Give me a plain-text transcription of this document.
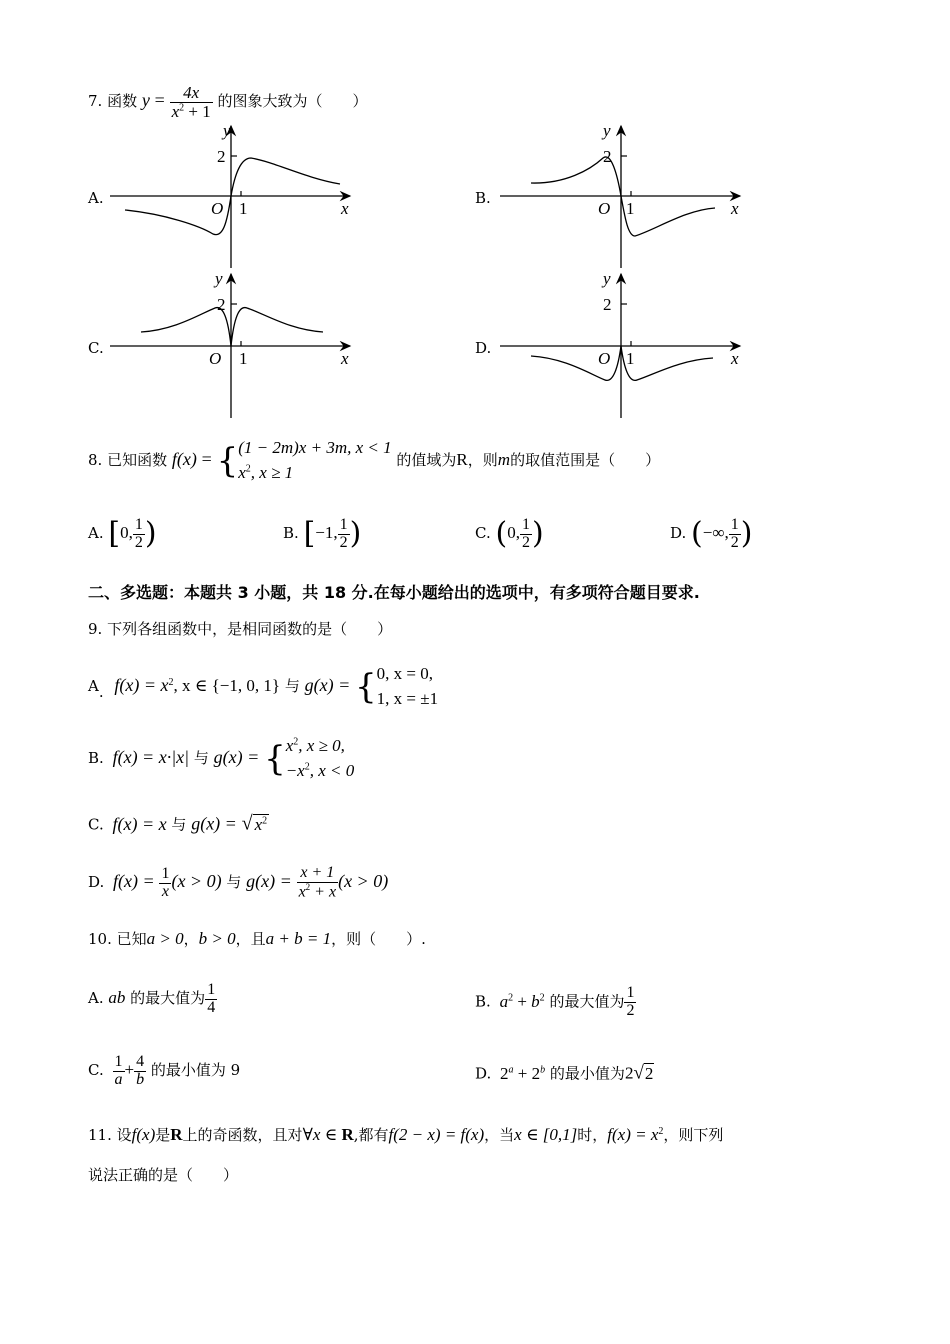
7. 函数 $y = \frac{4x}{x^2 + 1}$ 的图象大致为（　　）
A.	B.
C.	D.
y
2
O 1	x
y
2
O 1	x
y
2
O 1	x
y
2
O 1	x
8. 已知函数 f(x) = { (1 − 2m)x + 3m, x < 1
$x^2$, x ≥ 1
的值域为R，则m的取值范围是（　　）
A. [0, $\frac{1}{2}$ )	B. [−1, $\frac{1}{2}$ )	C. (0, $\frac{1}{2}$ )	D. (−∞, $\frac{1}{2}$ )
二、多选题：本题共 3 小题，共 18 分.在每小题给出的选项中，有多项符合题目要求.
9. 下列各组函数中，是相同函数的是（　　）
A. $f(x) = x^2$, x ∈ {−1, 0, 1} 与 g(x) = { 0, x = 0,
1, x = ±1
B. f(x) = x·|x| 与 g(x) = { $x^2$, x ≥ 0,
$-x^2$, x < 0
C. f(x) = x 与 g(x) = √ $x^2$
D. $f(x) = \frac{1}{x} (x > 0)$ 与 $g(x) = \frac{x + 1}{x^2 + x} (x > 0)$
10. 已知a > 0，b > 0，且a + b = 1，则（　　）.
A. ab 的最大值为 $\frac{1}{4}$	B. $a^2 + b^2$ 的最大值为 $\frac{1}{2}$
C. $\frac{1}{a} + \frac{4}{b}$ 的最小值为 9	D. $2^a + 2^b$ 的最小值为2√2
11. 设f(x)是R上的奇函数，且对∀x ∈ R,都有f(2 − x) = f(x)，当x ∈ [0,1]时，$f(x) = x^2$，则下列
说法正确的是（　　）
